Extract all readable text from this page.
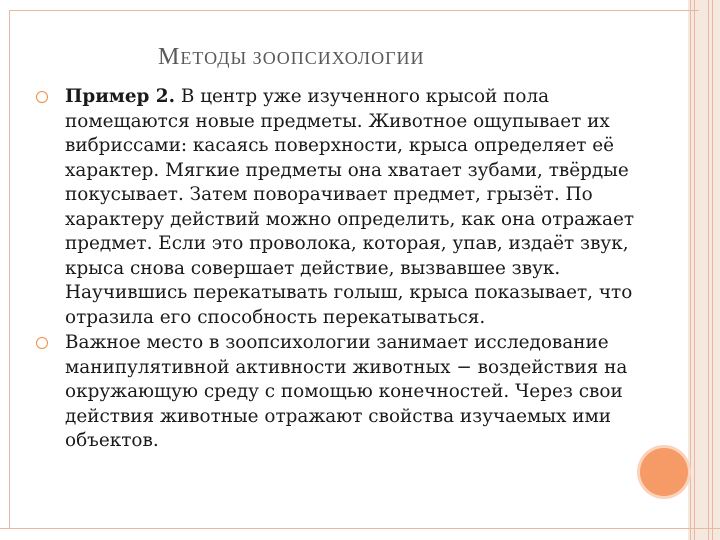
МЕТОДЫ ЗООПСИХОЛОГИИ
Пример 2. В центр уже изученного крысой пола помещаются новые предметы. Животное ощупывает их вибриссами: касаясь поверхности, крыса определяет её характер. Мягкие предметы она хватает зубами, твёрдые покусывает. Затем поворачивает предмет, грызёт. По характеру действий можно определить, как она отражает предмет. Если это проволока, которая, упав, издаёт звук, крыса снова совершает действие, вызвавшее звук. Научившись перекатывать голыш, крыса показывает, что отразила его способность перекатываться.
Важное место в зоопсихологии занимает исследование манипулятивной активности животных − воздействия на окружающую среду с помощью конечностей. Через свои действия животные отражают свойства изучаемых ими объектов.
